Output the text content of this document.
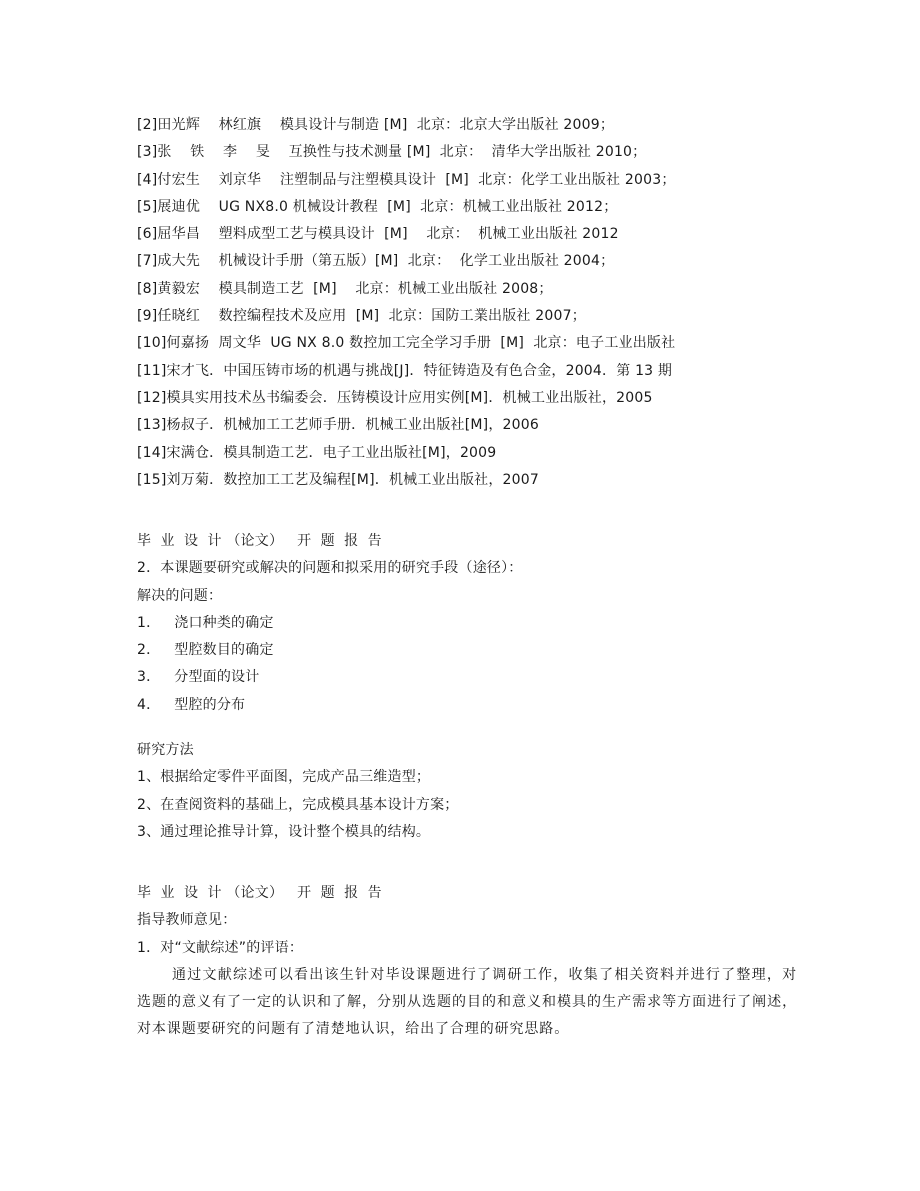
[2]田光辉    林红旗    模具设计与制造 [M]  北京：北京大学出版社 2009；
[3]张    铁    李    旻    互换性与技术测量 [M]  北京：  清华大学出版社 2010；
[4]付宏生    刘京华    注塑制品与注塑模具设计  [M]  北京：化学工业出版社 2003；
[5]展迪优    UG NX8.0 机械设计教程  [M]  北京：机械工业出版社 2012；
[6]屈华昌    塑料成型工艺与模具设计  [M]    北京：  机械工业出版社 2012
[7]成大先    机械设计手册（第五版）[M]  北京：  化学工业出版社 2004；
[8]黄毅宏    模具制造工艺  [M]    北京：机械工业出版社 2008；
[9]任晓红    数控编程技术及应用  [M]  北京：国防工業出版社 2007；
[10]何嘉扬  周文华  UG NX 8.0 数控加工完全学习手册  [M]  北京：电子工业出版社
[11]宋才飞．中国压铸市场的机遇与挑战[J]．特征铸造及有色合金，2004．第 13 期
[12]模具实用技术丛书编委会．压铸模设计应用实例[M]．机械工业出版社，2005
[13]杨叔子．机械加工工艺师手册．机械工业出版社[M]，2006
[14]宋满仓．模具制造工艺．电子工业出版社[M]，2009
[15]刘万菊．数控加工工艺及编程[M]．机械工业出版社，2007
毕  业  设  计 （论文）   开  题  报  告
2．本课题要研究或解决的问题和拟采用的研究手段（途径）：
解决的问题：
1．   浇口种类的确定
2．   型腔数目的确定
3．   分型面的设计
4．   型腔的分布
研究方法
1、根据给定零件平面图，完成产品三维造型；
2、在查阅资料的基础上，完成模具基本设计方案；
3、通过理论推导计算，设计整个模具的结构。
毕  业  设  计 （论文）   开  题  报  告
指导教师意见：
1．对“文献综述”的评语：

通过文献综述可以看出该生针对毕设课题进行了调研工作，收集了相关资料并进行了整理，对选题的意义有了一定的认识和了解，分别从选题的目的和意义和模具的生产需求等方面进行了阐述，对本课题要研究的问题有了清楚地认识，给出了合理的研究思路。
